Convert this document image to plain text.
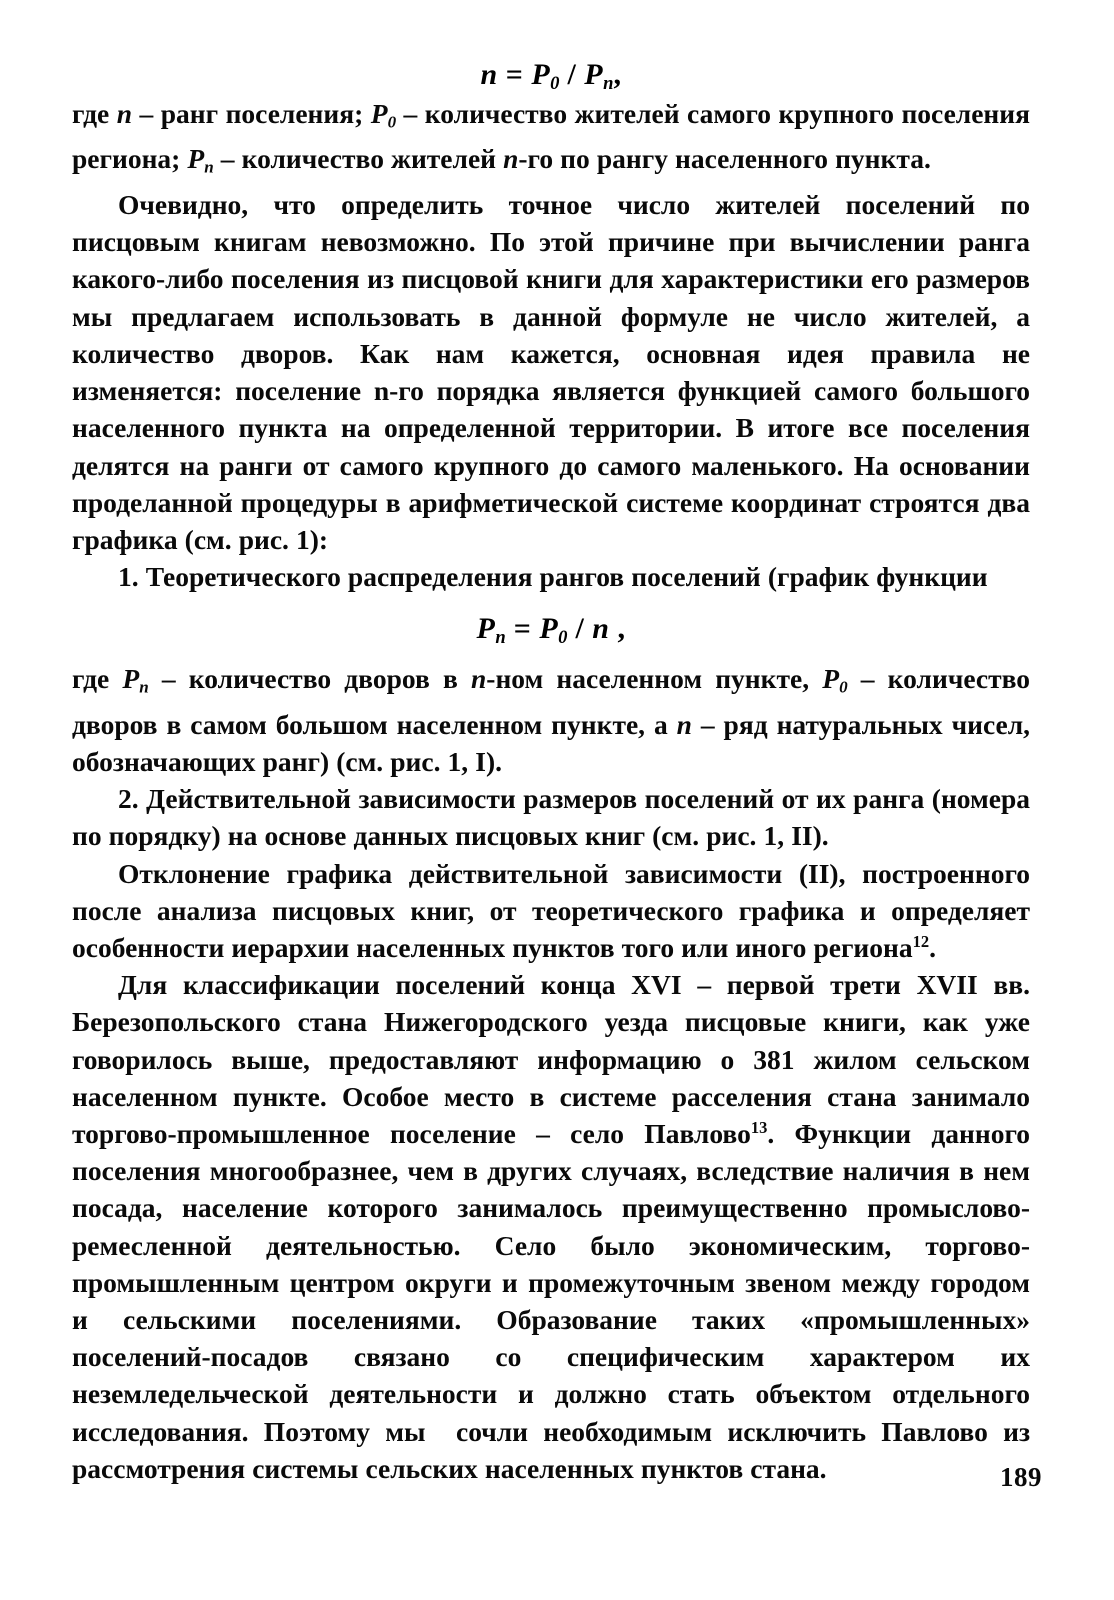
$n = P_0 / P_n$,

где n – ранг поселения; $P_0$ – количество жителей самого крупного поселения региона; $P_n$ – количество жителей n-го по рангу населенного пункта.

Очевидно, что определить точное число жителей поселений по писцовым книгам невозможно. По этой причине при вычислении ранга какого-либо поселения из писцовой книги для характеристики его размеров мы предлагаем использовать в данной формуле не число жителей, а количество дворов. Как нам кажется, основная идея правила не изменяется: поселение n-го порядка является функцией самого большого населенного пункта на определенной территории. В итоге все поселения делятся на ранги от самого крупного до самого маленького. На основании проделанной процедуры в арифметической системе координат строятся два графика (см. рис. 1):

1. Теоретического распределения рангов поселений (график функции

$P_n = P_0 / n$ ,

где $P_n$ – количество дворов в n-ном населенном пункте, $P_0$ – количество дворов в самом большом населенном пункте, а n – ряд натуральных чисел, обозначающих ранг) (см. рис. 1, I).

2. Действительной зависимости размеров поселений от их ранга (номера по порядку) на основе данных писцовых книг (см. рис. 1, II).

Отклонение графика действительной зависимости (II), построенного после анализа писцовых книг, от теоретического графика и определяет особенности иерархии населенных пунктов того или иного региона$^{12}$.

Для классификации поселений конца XVI – первой трети XVII вв. Березопольского стана Нижегородского уезда писцовые книги, как уже говорилось выше, предоставляют информацию о 381 жилом сельском населенном пункте. Особое место в системе расселения стана занимало торгово-промышленное поселение – село Павлово$^{13}$. Функции данного поселения многообразнее, чем в других случаях, вследствие наличия в нем посада, население которого занималось преимущественно промыслово-ремесленной деятельностью. Село было экономическим, торгово-промышленным центром округи и промежуточным звеном между городом и сельскими поселениями. Образование таких «промышленных» поселений-посадов связано со специфическим характером их неземледельческой деятельности и должно стать объектом отдельного исследования. Поэтому мы сочли необходимым исключить Павлово из рассмотрения системы сельских населенных пунктов стана.	189
